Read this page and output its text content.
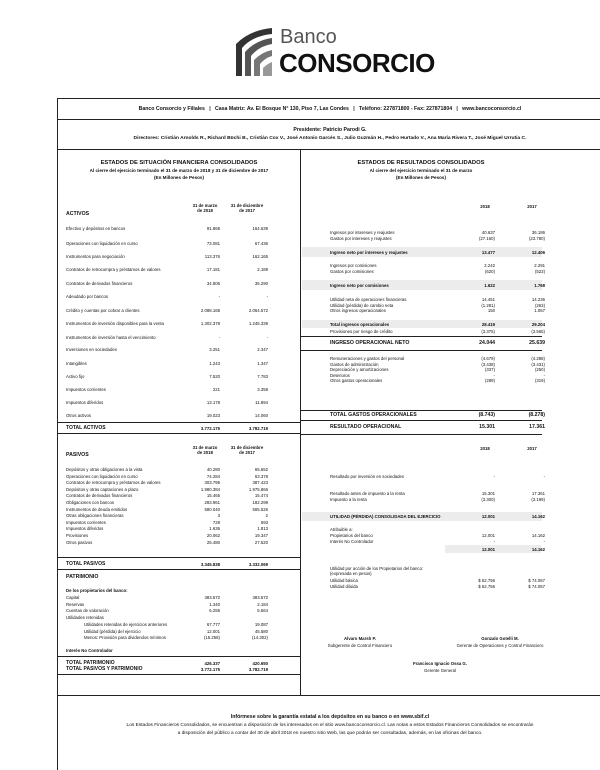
Banco
CONSORCIO
Banco Consorcio y Filiales   |   Casa Matriz: Av. El Bosque N° 130, Piso 7, Las Condes   |   Teléfono: 227871800 - Fax: 227871804   |   www.bancoconsorcio.cl
Presidente: Patricio Parodi G.
Directores: Cristián Arnolds R., Richard Büchi B., Cristián Cox V., José Antonio Garcés S., Julio Guzmán H., Pedro Hurtado V., Ana María Rivera T., José Miguel Urrutia C.
ESTADOS DE SITUACIÓN FINANCIERA CONSOLIDADOS
Al cierre del ejercicio terminado el 31 de marzo de 2018 y 31 de diciembre de 2017
(En Millones de Pesos)
31 de marzo de 2018
31 de diciembre de 2017
ACTIVOS
Efectivo y depósitos en bancos	91.868	164.639
Operaciones con liquidación en curso	73.081	67.436
Instrumentos para negociación	113.376	162.165
Contratos de retrocompra y préstamos de valores	17.181	2.189
Contratos de derivados financieros	34.806	35.290
Adeudado por bancos	-	-
Crédito y cuentas por cobrar a clientes	2.088.168	2.064.572
Instrumentos de inversión disponibles para la venta	1.302.378	1.245.339
Instrumentos de inversión hasta el vencimiento	-	-
Inversiones en sociedades	3.251	2.347
Intangibles	1.243	1.347
Activo fijo	7.520	7.783
Impuestos corrientes	221	3.358
Impuestos diferidos	13.178	11.894
Otros activos	19.023	14.060
TOTAL ACTIVOS	3.772.175	3.782.719
31 de marzo de 2018
31 de diciembre de 2017
PASIVOS
Depósitos y otras obligaciones a la vista	40.280	65.652
Operaciones con liquidación en curso	74.284	63.378
Contratos de retrocompra y préstamos de valores	303.795	387.423
Depósitos y otras captaciones a plazo	1.980.384	1.975.866
Contratos de derivados financieros	15.465	15.474
Obligaciones con bancos	283.961	182.299
Instrumentos de deuda emitidos	580.040	565.526
Otras obligaciones financieras	3	2
Impuestos corrientes	728	593
Impuestos diferidos	1.636	1.813
Provisiones	20.062	19.347
Otros pasivos	25.480	27.520
TOTAL PASIVOS	3.345.838	3.332.069
PATRIMONIO
De los propietarios del banco:
Capital	383.572	383.572
Reservas	1.340	2.184
Cuentas de valoración	6.255	5.564
Utilidades retenidas
Utilidades retenidas de ejercicios anteriores	67.777	19.087
Utilidad (pérdida) del ejercicio	12.001	45.580
Menos: Provisión para dividendos mínimos	(15.258)	(14.302)
Interés No Controlador
TOTAL PATRIMONIO	426.337	420.650
TOTAL PASIVOS Y PATRIMONIO	3.772.175	3.782.719
ESTADOS DE RESULTADOS CONSOLIDADOS
Al cierre del ejercicio terminado el 31 de marzo
(En Millones de Pesos)
2018	2017
Ingresos por intereses y reajustes	40.637	36.186
Gastos por intereses y reajustes	(27.160)	(23.780)
Ingreso neto por intereses y reajustes	13.477	12.406
Ingresos por comisiones	2.242	2.291
Gastos por comisiones	(620)	(523)
Ingreso neto por comisiones	1.622	1.768
Utilidad neta de operaciones financieras	14.451	14.236
Utilidad (pérdida) de cambio neta	(1.281)	(263)
Otros ingresos operacionales	150	1.057
Total ingresos operacionales	28.419	29.204
Provisiones por riesgo de crédito	(3.375)	(3.565)
INGRESO OPERACIONAL NETO	24.044	25.639
Remuneraciones y gastos del personal	(4.679)	(4.288)
Gastos de administración	(3.438)	(3.431)
Depreciación y amortizaciones	(337)	(250)
Deterioros	-	-
Otros gastos operacionales	(289)	(319)
TOTAL GASTOS OPERACIONALES	(8.743)	(8.278)
RESULTADO OPERACIONAL	15.301	17.361
Resultado por inversión en sociedades	-	-
Resultado antes de impuesto a la renta	15.301	17.361
Impuesto a la renta	(3.300)	(3.199)
UTILIDAD (PÉRDIDA) CONSOLIDADA DEL EJERCICIO	12.001	14.162
Atribuible a:
Propietarios del banco	12.001	14.162
Interés No Controlador	-	-
12.001	14.162
Utilidad por acción de los Propietarios del banco:
(expresada en pesos)
Utilidad básica	$ 62.756	$ 74.057
Utilidad diluida	$ 62.756	$ 74.057
2018	2017
Alvaro Marsh P.
Subgerente de Control Financiero
Gonzalo Gotelli M.
Gerente de Operaciones y Control Financiero
Francisco Ignacio Ossa G.
Gerente General
Infórmese sobre la garantía estatal a los depósitos en su banco o en www.sbif.cl
Los Estados Financieros Consolidados, se encuentran a disposición de los interesados en el sitio www.bancoconsorcio.cl. Las notas a estos Estados Financieros Consolidados se encontrarán
a disposición del público a contar del 30 de abril 2018 en nuestro sitio Web, las que podrán ser consultadas, además, en las oficinas del banco.
